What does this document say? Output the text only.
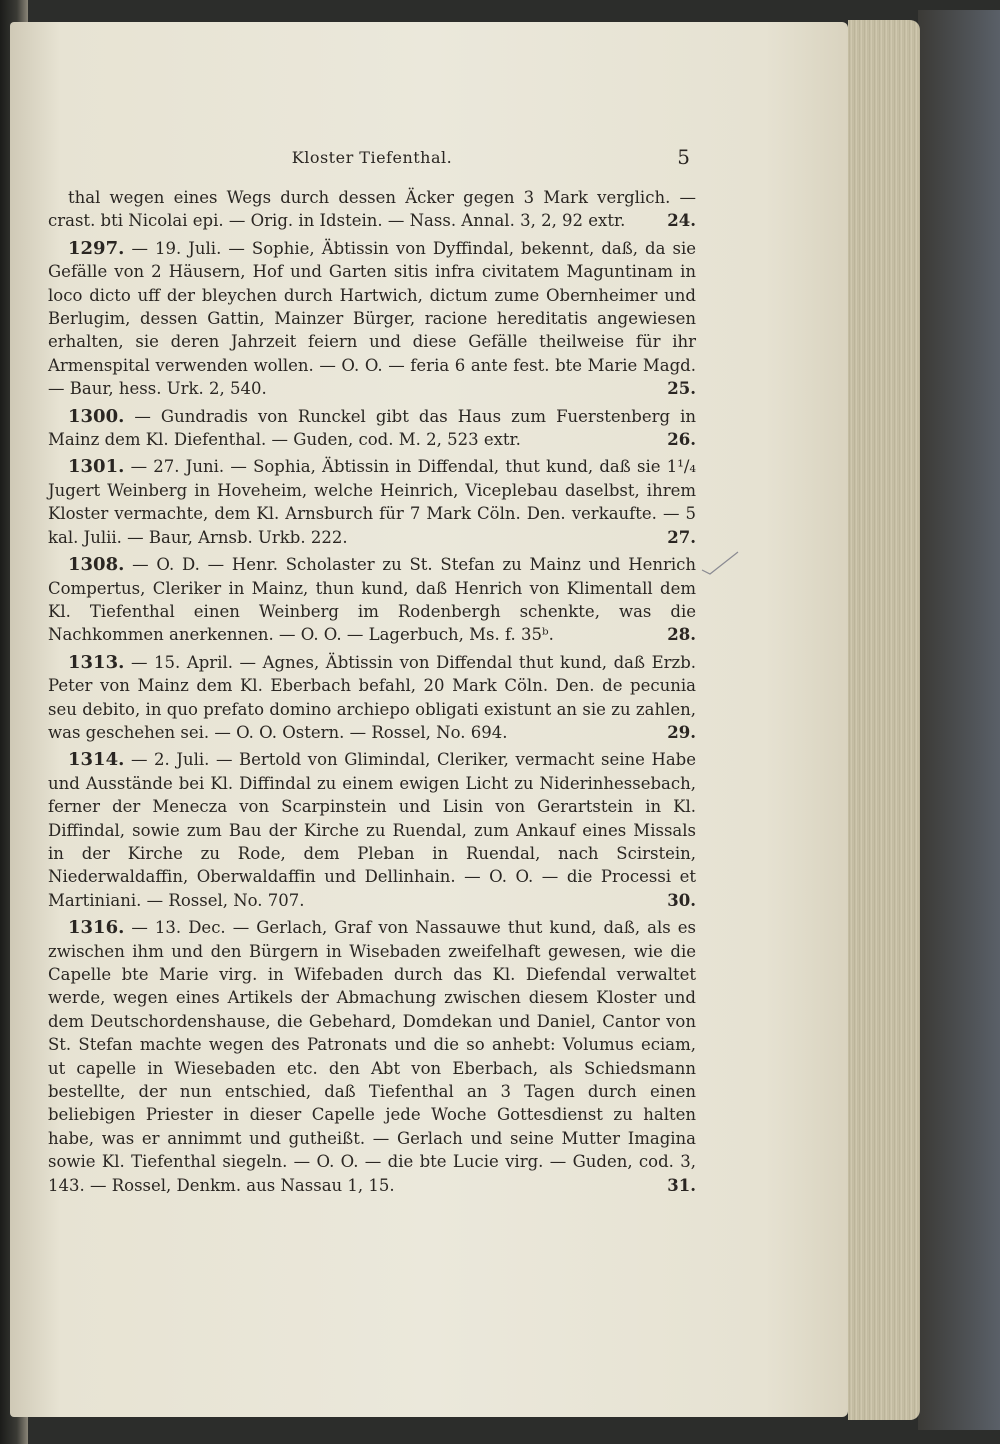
Kloster Tiefenthal.	5
thal wegen eines Wegs durch dessen Äcker gegen 3 Mark verglich. — crast. bti Nicolai epi. — Orig. in Idstein. — Nass. Annal. 3, 2, 92 extr.	24.
1297. — 19. Juli. — Sophie, Äbtissin von Dyffindal, bekennt, daß, da sie Gefälle von 2 Häusern, Hof und Garten sitis infra civitatem Maguntinam in loco dicto uff der bleychen durch Hartwich, dictum zume Obernheimer und Berlugim, dessen Gattin, Mainzer Bürger, racione hereditatis angewiesen erhalten, sie deren Jahrzeit feiern und diese Gefälle theilweise für ihr Armenspital verwenden wollen. — O. O. — feria 6 ante fest. bte Marie Magd. — Baur, hess. Urk. 2, 540.	25.
1300. — Gundradis von Runckel gibt das Haus zum Fuerstenberg in Mainz dem Kl. Diefenthal. — Guden, cod. M. 2, 523 extr.	26.
1301. — 27. Juni. — Sophia, Äbtissin in Diffendal, thut kund, daß sie 1¹/₄ Jugert Weinberg in Hoveheim, welche Heinrich, Viceplebau daselbst, ihrem Kloster vermachte, dem Kl. Arnsburch für 7 Mark Cöln. Den. verkaufte. — 5 kal. Julii. — Baur, Arnsb. Urkb. 222.	27.
1308. — O. D. — Henr. Scholaster zu St. Stefan zu Mainz und Henrich Compertus, Cleriker in Mainz, thun kund, daß Henrich von Klimentall dem Kl. Tiefenthal einen Weinberg im Rodenbergh schenkte, was die Nachkommen anerkennen. — O. O. — Lagerbuch, Ms. f. 35ᵇ.	28.
1313. — 15. April. — Agnes, Äbtissin von Diffendal thut kund, daß Erzb. Peter von Mainz dem Kl. Eberbach befahl, 20 Mark Cöln. Den. de pecunia seu debito, in quo prefato domino archiepo obligati existunt an sie zu zahlen, was geschehen sei. — O. O. Ostern. — Rossel, No. 694.	29.
1314. — 2. Juli. — Bertold von Glimindal, Cleriker, vermacht seine Habe und Ausstände bei Kl. Diffindal zu einem ewigen Licht zu Niderinhessebach, ferner der Menecza von Scarpinstein und Lisin von Gerartstein in Kl. Diffindal, sowie zum Bau der Kirche zu Ruendal, zum Ankauf eines Missals in der Kirche zu Rode, dem Pleban in Ruendal, nach Scirstein, Niederwaldaffin, Oberwaldaffin und Dellinhain. — O. O. — die Processi et Martiniani. — Rossel, No. 707.	30.
1316. — 13. Dec. — Gerlach, Graf von Nassauwe thut kund, daß, als es zwischen ihm und den Bürgern in Wisebaden zweifelhaft gewesen, wie die Capelle bte Marie virg. in Wifebaden durch das Kl. Diefendal verwaltet werde, wegen eines Artikels der Abmachung zwischen diesem Kloster und dem Deutschordenshause, die Gebehard, Domdekan und Daniel, Cantor von St. Stefan machte wegen des Patronats und die so anhebt: Volumus eciam, ut capelle in Wiesebaden etc. den Abt von Eberbach, als Schiedsmann bestellte, der nun entschied, daß Tiefenthal an 3 Tagen durch einen beliebigen Priester in dieser Capelle jede Woche Gottesdienst zu halten habe, was er annimmt und gutheißt. — Gerlach und seine Mutter Imagina sowie Kl. Tiefenthal siegeln. — O. O. — die bte Lucie virg. — Guden, cod. 3, 143. — Rossel, Denkm. aus Nassau 1, 15.	31.
